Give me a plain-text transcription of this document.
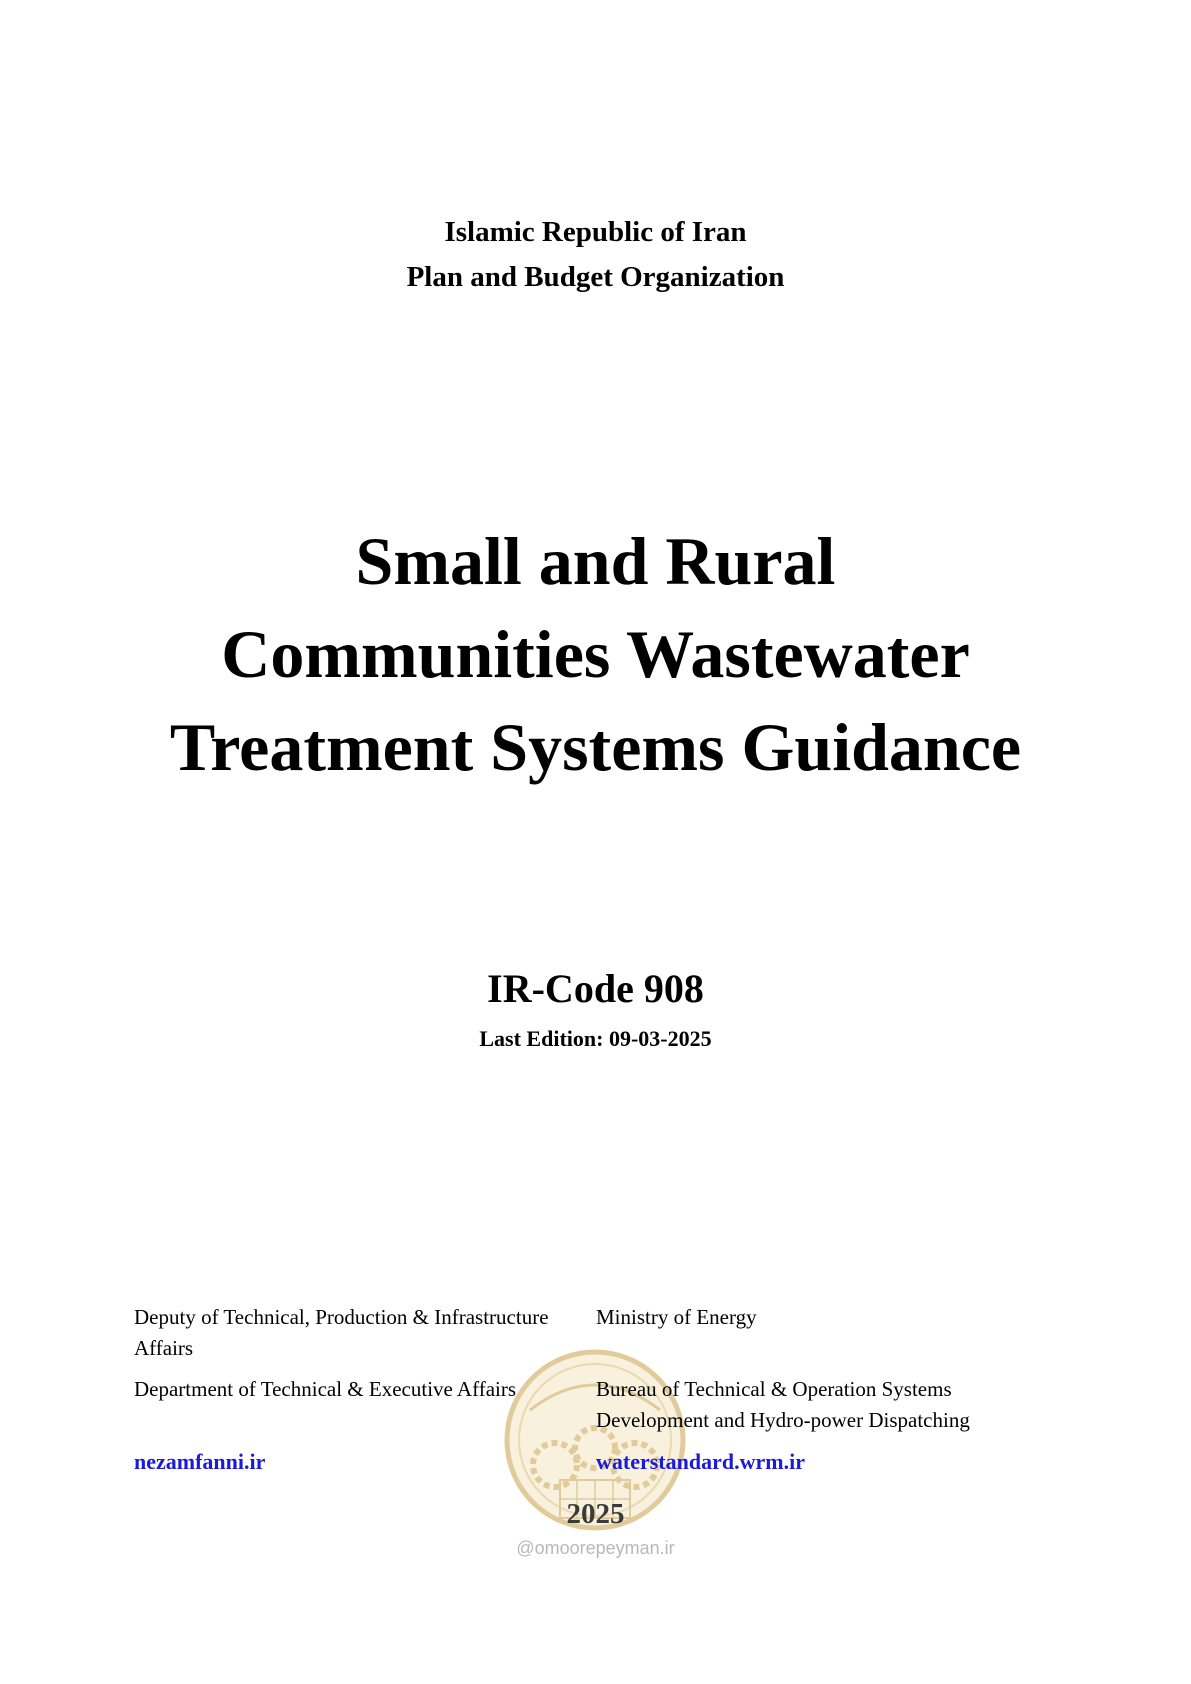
Islamic Republic of Iran
Plan and Budget Organization
Small and Rural
Communities Wastewater
Treatment Systems Guidance
IR-Code 908
Last Edition: 09-03-2025
Deputy of Technical, Production & Infrastructure Affairs
Ministry of Energy
Department of Technical & Executive Affairs	Bureau of Technical & Operation Systems Development and Hydro-power Dispatching
nezamfanni.ir	waterstandard.wrm.ir
2025
@omoorepeyman.ir
